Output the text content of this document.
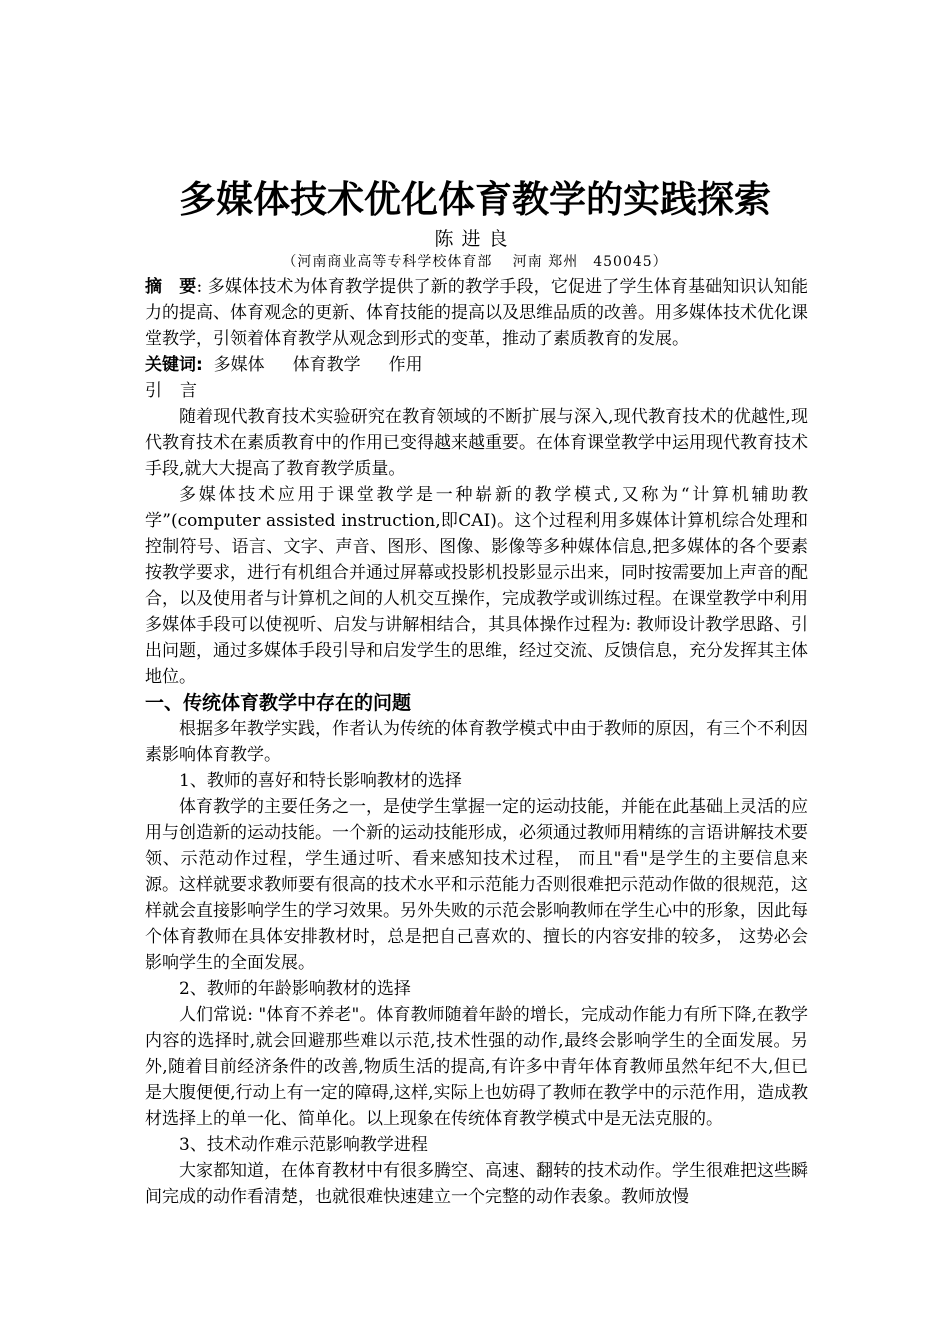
多媒体技术优化体育教学的实践探索
陈进良
（河南商业高等专科学校体育部　 河南 郑州　450045）

摘　要: 多媒体技术为体育教学提供了新的教学手段，它促进了学生体育基础知识认知能力的提高、体育观念的更新、体育技能的提高以及思维品质的改善。用多媒体技术优化课堂教学，引领着体育教学从观念到形式的变革，推动了素质教育的发展。

关键词: 多媒体 体育教学 作用

引言

随着现代教育技术实验研究在教育领域的不断扩展与深入,现代教育技术的优越性,现代教育技术在素质教育中的作用已变得越来越重要。在体育课堂教学中运用现代教育技术手段,就大大提高了教育教学质量。

多媒体技术应用于课堂教学是一种崭新的教学模式,又称为“计算机辅助教学”(computer assisted instruction,即CAI)。这个过程利用多媒体计算机综合处理和控制符号、语言、文字、声音、图形、图像、影像等多种媒体信息,把多媒体的各个要素按教学要求，进行有机组合并通过屏幕或投影机投影显示出来，同时按需要加上声音的配合，以及使用者与计算机之间的人机交互操作，完成教学或训练过程。在课堂教学中利用多媒体手段可以使视听、启发与讲解相结合，其具体操作过程为: 教师设计教学思路、引出问题，通过多媒体手段引导和启发学生的思维，经过交流、反馈信息，充分发挥其主体地位。

一、传统体育教学中存在的问题

根据多年教学实践，作者认为传统的体育教学模式中由于教师的原因，有三个不利因素影响体育教学。

1、教师的喜好和特长影响教材的选择

体育教学的主要任务之一，是使学生掌握一定的运动技能，并能在此基础上灵活的应用与创造新的运动技能。一个新的运动技能形成，必须通过教师用精练的言语讲解技术要领、示范动作过程，学生通过听、看来感知技术过程， 而且"看"是学生的主要信息来源。这样就要求教师要有很高的技术水平和示范能力否则很难把示范动作做的很规范，这样就会直接影响学生的学习效果。另外失败的示范会影响教师在学生心中的形象，因此每个体育教师在具体安排教材时，总是把自己喜欢的、擅长的内容安排的较多， 这势必会影响学生的全面发展。

2、教师的年龄影响教材的选择

人们常说: "体育不养老"。体育教师随着年龄的增长，完成动作能力有所下降,在教学内容的选择时,就会回避那些难以示范,技术性强的动作,最终会影响学生的全面发展。另外,随着目前经济条件的改善,物质生活的提高,有许多中青年体育教师虽然年纪不大,但已是大腹便便,行动上有一定的障碍,这样,实际上也妨碍了教师在教学中的示范作用，造成教材选择上的单一化、简单化。以上现象在传统体育教学模式中是无法克服的。

3、技术动作难示范影响教学进程

大家都知道，在体育教材中有很多腾空、高速、翻转的技术动作。学生很难把这些瞬间完成的动作看清楚，也就很难快速建立一个完整的动作表象。教师放慢
